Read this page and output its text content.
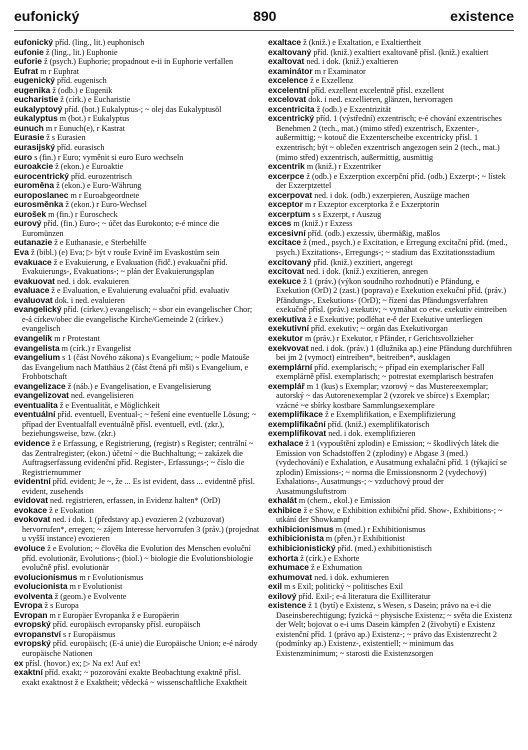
eufonický	890	existence

eufonický příd. (ling., lit.) euphonisch

eufonie ž (ling., lit.) Euphonie

euforie ž (psych.) Euphorie; propadnout e-ii in Euphorie verfallen

Eufrat m r Euphrat

eugenický příd. eugenisch

eugenika ž (odb.) e Eugenik

eucharistie ž (círk.) e Eucharistie

eukalyptový příd. (bot.) Eukalyptus-; ~ olej das Eukalyptusöl

eukalyptus m (bot.) r Eukalyptus

eunuch m r Eunuch(e), r Kastrat

Eurasie ž s Eurasien

eurasijský příd. eurasisch

euro s (fin.) r Euro; vyměnit si euro Euro wechseln

euroakcie ž (ekon.) e Euroaktie

eurocentrický příd. eurozentrisch

euroměna ž (ekon.) e Euro-Währung

europoslanec m r Euroabgeordnete

eurosměnka ž (ekon.) r Euro-Wechsel

eurošek m (fin.) r Euroscheck

eurový příd. (fin.) Euro-; ~ účet das Eurokonto; e-é mince die Euromünzen

eutanazie ž e Euthanasie, e Sterbehilfe

Eva ž (bibl.) (e) Eva; ▷ být v rouše Evině im Evaskostüm sein

evakuace ž e Evakuierung, e Evakuation (řidč.) evakuační příd. Evakuierungs-, Evakuations-; ~ plán der Evakuierungsplan

evakuovat ned. i dok. evakuieren

evaluace ž e Evaluation, e Evaluierung evaluační příd. evaluativ

evaluovat dok. i ned. evaluieren

evangelický příd. (církev.) evangelisch; ~ sbor ein evangelischer Chor; e-á církev/obec die evangelische Kirche/Gemeinde 2 (církev.) evangelisch

evangelík m r Protestant

evangelista m (círk.) r Evangelist

evangelium s 1 (část Nového zákona) s Evangelium; ~ podle Matouše das Evangelium nach Matthäus 2 (část čtená při mši) s Evangelium, e Frohbotschaft

evangelizace ž (náb.) e Evangelisation, e Evangelisierung

evangelizovat ned. evangelisieren

eventualita ž e Eventualität, e Möglichkeit

eventuální příd. eventuell, Eventual-; ~ řešení eine eventuelle Lösung; ~ případ der Eventualfall eventuálně přísl. eventuell, evtl. (zkr.), beziehungsweise, bzw. (zkr.)

evidence ž e Erfassung, e Registrierung, (registr) s Register; centrální ~ das Zentralregister; (ekon.) účetní ~ die Buchhaltung; ~ zakázek die Auftragserfassung evidenční příd. Register-, Erfassungs-; ~ číslo die Registriernummer

evidentní příd. evident; Je ~, že ... Es ist evident, dass ... evidentně přísl. evident, zusehends

evidovat ned. registrieren, erfassen, in Evidenz halten* (OrD)

evokace ž e Evokation

evokovat ned. i dok. 1 (představy ap.) evozieren 2 (vzbuzovat) hervorrufen*, erregen; ~ zájem Interesse hervorrufen 3 (práv.) (projednat u vyšší instance) evozieren

evoluce ž e Evolution; ~ člověka die Evolution des Menschen evoluční příd. evolutionär, Evolutions-; (biol.) ~ biologie die Evolutionsbiologie evolučně přísl. evolutionär

evolucionismus m r Evolutionismus

evolucionista m r Evolutionist

evolventa ž (geom.) e Evolvente

Evropa ž s Europa

Evropan m r Europäer Evropanka ž e Europäerin

evropský příd. europäisch evropansky přísl. europäisch

evropanství s r Europäismus

evropský příd. europäisch; (E-á unie) die Europäische Union; e-é národy europäische Nationen

ex přísl. (hovor.) ex; ▷ Na ex! Auf ex!

exaktní příd. exakt; ~ pozorování exakte Beobachtung exaktně přísl. exakt exaktnost ž e Exaktheit; vědecká ~ wissenschaftliche Exaktheit

exaltace ž (kniž.) e Exaltation, e Exaltiertheit

exaltovaný příd. (kniž.) exaltiert exaltovaně přísl. (kniž.) exaltiert

exaltovat ned. i dok. (kniž.) exaltieren

examinátor m r Examinator

excelence ž e Exzellenz

excelentní příd. exzellent excelentně přísl. exzellent

excelovat dok. i ned. exzellieren, glänzen, hervorragen

excentricita ž (odb.) e Exzentrizität

excentrický příd. 1 (výstřední) exzentrisch; e-é chování exzentrisches Benehmen 2 (tech., mat.) (mimo střed) exzentrisch, Exzenter-, außermittig; ~ kotouč die Exzenterscheibe excentricky přísl. 1 exzentrisch; být ~ oblečen exzentrisch angezogen sein 2 (tech., mat.) (mimo střed) exzentrisch, außermittig, ausmittig

excentrik m (kniž.) r Exzentriker

excerpce ž (odb.) e Exzerption excerpční příd. (odb.) Exzerpt-; ~ lístek der Exzerptzettel

excerpovat ned. i dok. (odb.) exzerpieren, Auszüge machen

exceptor m r Exzeptor excerptorka ž e Exzerptorin

excerptum s s Exzerpt, r Auszug

exces m (kniž.) r Exzess

excesivní příd. (odb.) exzessiv, übermäßig, maßlos

excitace ž (med., psych.) e Excitation, e Erregung excitační příd. (med., psych.) Exzitations-, Erregungs-; ~ stadium das Exzitationsstadium

excitovaný příd. (kniž.) exzitiert, angeregt

excitovat ned. i dok. (kniž.) exzitieren, anregen

exekuce ž 1 (práv.) (výkon soudního rozhodnutí) e Pfändung, e Exekution (OrD) 2 (zast.) (poprava) e Exekution exekuční příd. (práv.) Pfändungs-, Exekutions- (OrD); ~ řízení das Pfändungsverfahren exekučně přísl. (práv.) exekutiv; ~ vymáhat co etw. exekutiv eintreiben

exekutiva ž e Exekutive; podléhat e-ě der Exekutive unterliegen

exekutivní příd. exekutiv; ~ orgán das Exekutivorgan

exekutor m (práv.) r Exekutor, r Pfänder, r Gerichtsvollzieher

exekvovat ned. i dok. (práv.) 1 (dlužníka ap.) eine Pfändung durchführen bei jm 2 (vymoct) eintreiben*, beitreiben*, ausklagen

exemplární příd. exemplarisch; ~ případ ein exemplarischer Fall exemplárně přísl. exemplarisch; ~ potrestat exemplarisch bestrafen

exemplář m 1 (kus) s Exemplar; vzorový ~ das Mustereexemplar; autorský ~ das Autorenexemplar 2 (vzorek ve sbírce) s Exemplar; vzácné ~e sbírky kostbare Sammlungsexemplare

exemplifikace ž e Exemplifikation, e Exemplifizierung

exemplifikační příd. (kniž.) exemplifikatorisch

exemplifikovat ned. i dok. exemplifizieren

exhalace ž 1 (vypouštění zplodin) e Emission; ~ škodlivých látek die Emission von Schadstoffen 2 (zplodiny) e Abgase 3 (med.) (vydechování) e Exhalation, e Ausatmung exhalační příd. 1 (týkající se zplodin) Emissions-; ~ norma die Emissionsnorm 2 (vydechový) Exhalations-, Ausatmungs-; ~ vzduchový proud der Ausatmungsluftstrom

exhalát m (chem., ekol.) e Emission

exhibice ž e Show, e Exhibition exhibiční příd. Show-, Exhibitions-; ~ utkání der Showkampf

exhibicionismus m (med.) r Exhibitionismus

exhibicionista m (přen.) r Exhibitionist

exhibicionistický příd. (med.) exhibitionistisch

exhorta ž (círk.) e Exhorte

exhumace ž e Exhumation

exhumovat ned. i dok. exhumieren

exil m s Exil; politický ~ politisches Exil

exilový příd. Exil-; e-á literatura die Exilliteratur

existence ž 1 (bytí) e Existenz, s Wesen, s Dasein; právo na e-i die Daseinsberechtigung; fyzická ~ physische Existenz; ~ světa die Existenz der Welt; bojovat o e-i ums Dasein kämpfen 2 (živobytí) e Existenz existenční příd. 1 (právo ap.) Existenz-; ~ právo das Existenzrecht 2 (podmínky ap.) Existenz-, existentiell; ~ minimum das Existenzminimum; ~ starosti die Existenzsorgen
